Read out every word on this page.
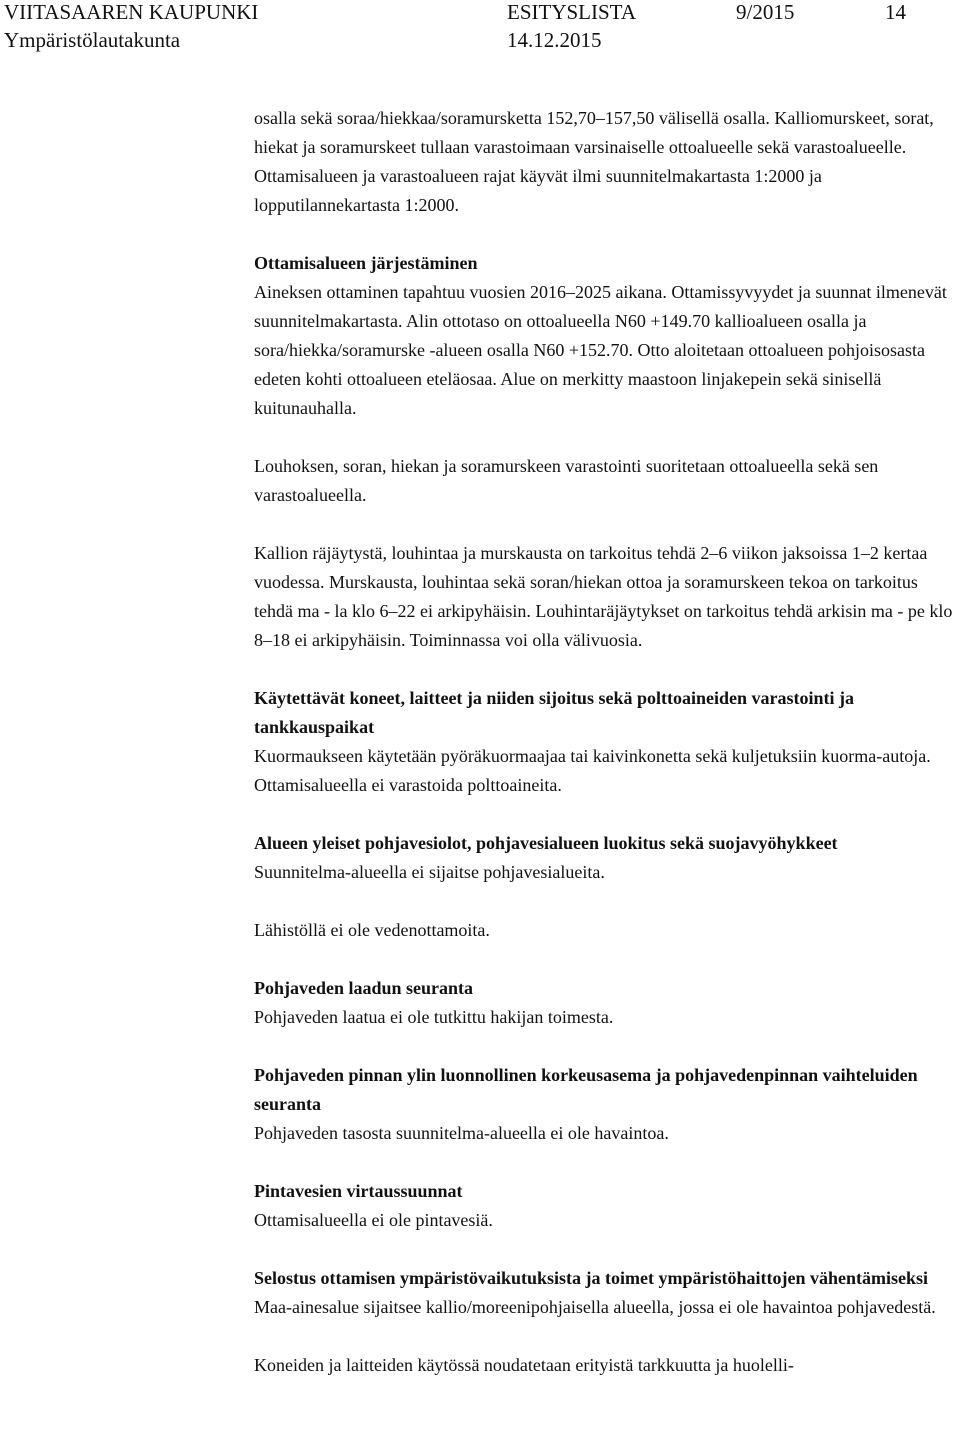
VIITASAAREN KAUPUNKI	ESITYSLISTA	9/2015	14
Ympäristölautakunta	14.12.2015

osalla sekä soraa/hiekkaa/soramursketta 152,70–157,50 välisellä osalla. Kalliomurskeet, sorat, hiekat ja soramurskeet tullaan varastoimaan varsinaiselle ottoalueelle sekä varastoalueelle. Ottamisalueen ja varastoalueen rajat käyvät ilmi suunnitelmakartasta 1:2000 ja lopputilannekartasta 1:2000.

Ottamisalueen järjestäminen

Aineksen ottaminen tapahtuu vuosien 2016–2025 aikana. Ottamissyvyydet ja suunnat ilmenevät suunnitelmakartasta. Alin ottotaso on ottoalueella N60 +149.70 kallioalueen osalla ja sora/hiekka/soramurske -alueen osalla N60 +152.70. Otto aloitetaan ottoalueen pohjoisosasta edeten kohti ottoalueen eteläosaa. Alue on merkitty maastoon linjakepein sekä sinisellä kuitunauhalla.

Louhoksen, soran, hiekan ja soramurskeen varastointi suoritetaan ottoalueella sekä sen varastoalueella.

Kallion räjäytystä, louhintaa ja murskausta on tarkoitus tehdä 2–6 viikon jaksoissa 1–2 kertaa vuodessa. Murskausta, louhintaa sekä soran/hiekan ottoa ja soramurskeen tekoa on tarkoitus tehdä ma - la klo 6–22 ei arkipyhäisin. Louhintaräjäytykset on tarkoitus tehdä arkisin ma - pe klo 8–18 ei arkipyhäisin. Toiminnassa voi olla välivuosia.

Käytettävät koneet, laitteet ja niiden sijoitus sekä polttoaineiden varastointi ja tankkauspaikat

Kuormaukseen käytetään pyöräkuormaajaa tai kaivinkonetta sekä kuljetuksiin kuorma-autoja. Ottamisalueella ei varastoida polttoaineita.

Alueen yleiset pohjavesiolot, pohjavesialueen luokitus sekä suojavyöhykkeet

Suunnitelma-alueella ei sijaitse pohjavesialueita.

Lähistöllä ei ole vedenottamoita.

Pohjaveden laadun seuranta

Pohjaveden laatua ei ole tutkittu hakijan toimesta.

Pohjaveden pinnan ylin luonnollinen korkeusasema ja pohjavedenpinnan vaihteluiden seuranta

Pohjaveden tasosta suunnitelma-alueella ei ole havaintoa.

Pintavesien virtaussuunnat

Ottamisalueella ei ole pintavesiä.

Selostus ottamisen ympäristövaikutuksista ja toimet ympäristöhaittojen vähentämiseksi

Maa-ainesalue sijaitsee kallio/moreenipohjaisella alueella, jossa ei ole havaintoa pohjavedestä.

Koneiden ja laitteiden käytössä noudatetaan erityistä tarkkuutta ja huolelli-
